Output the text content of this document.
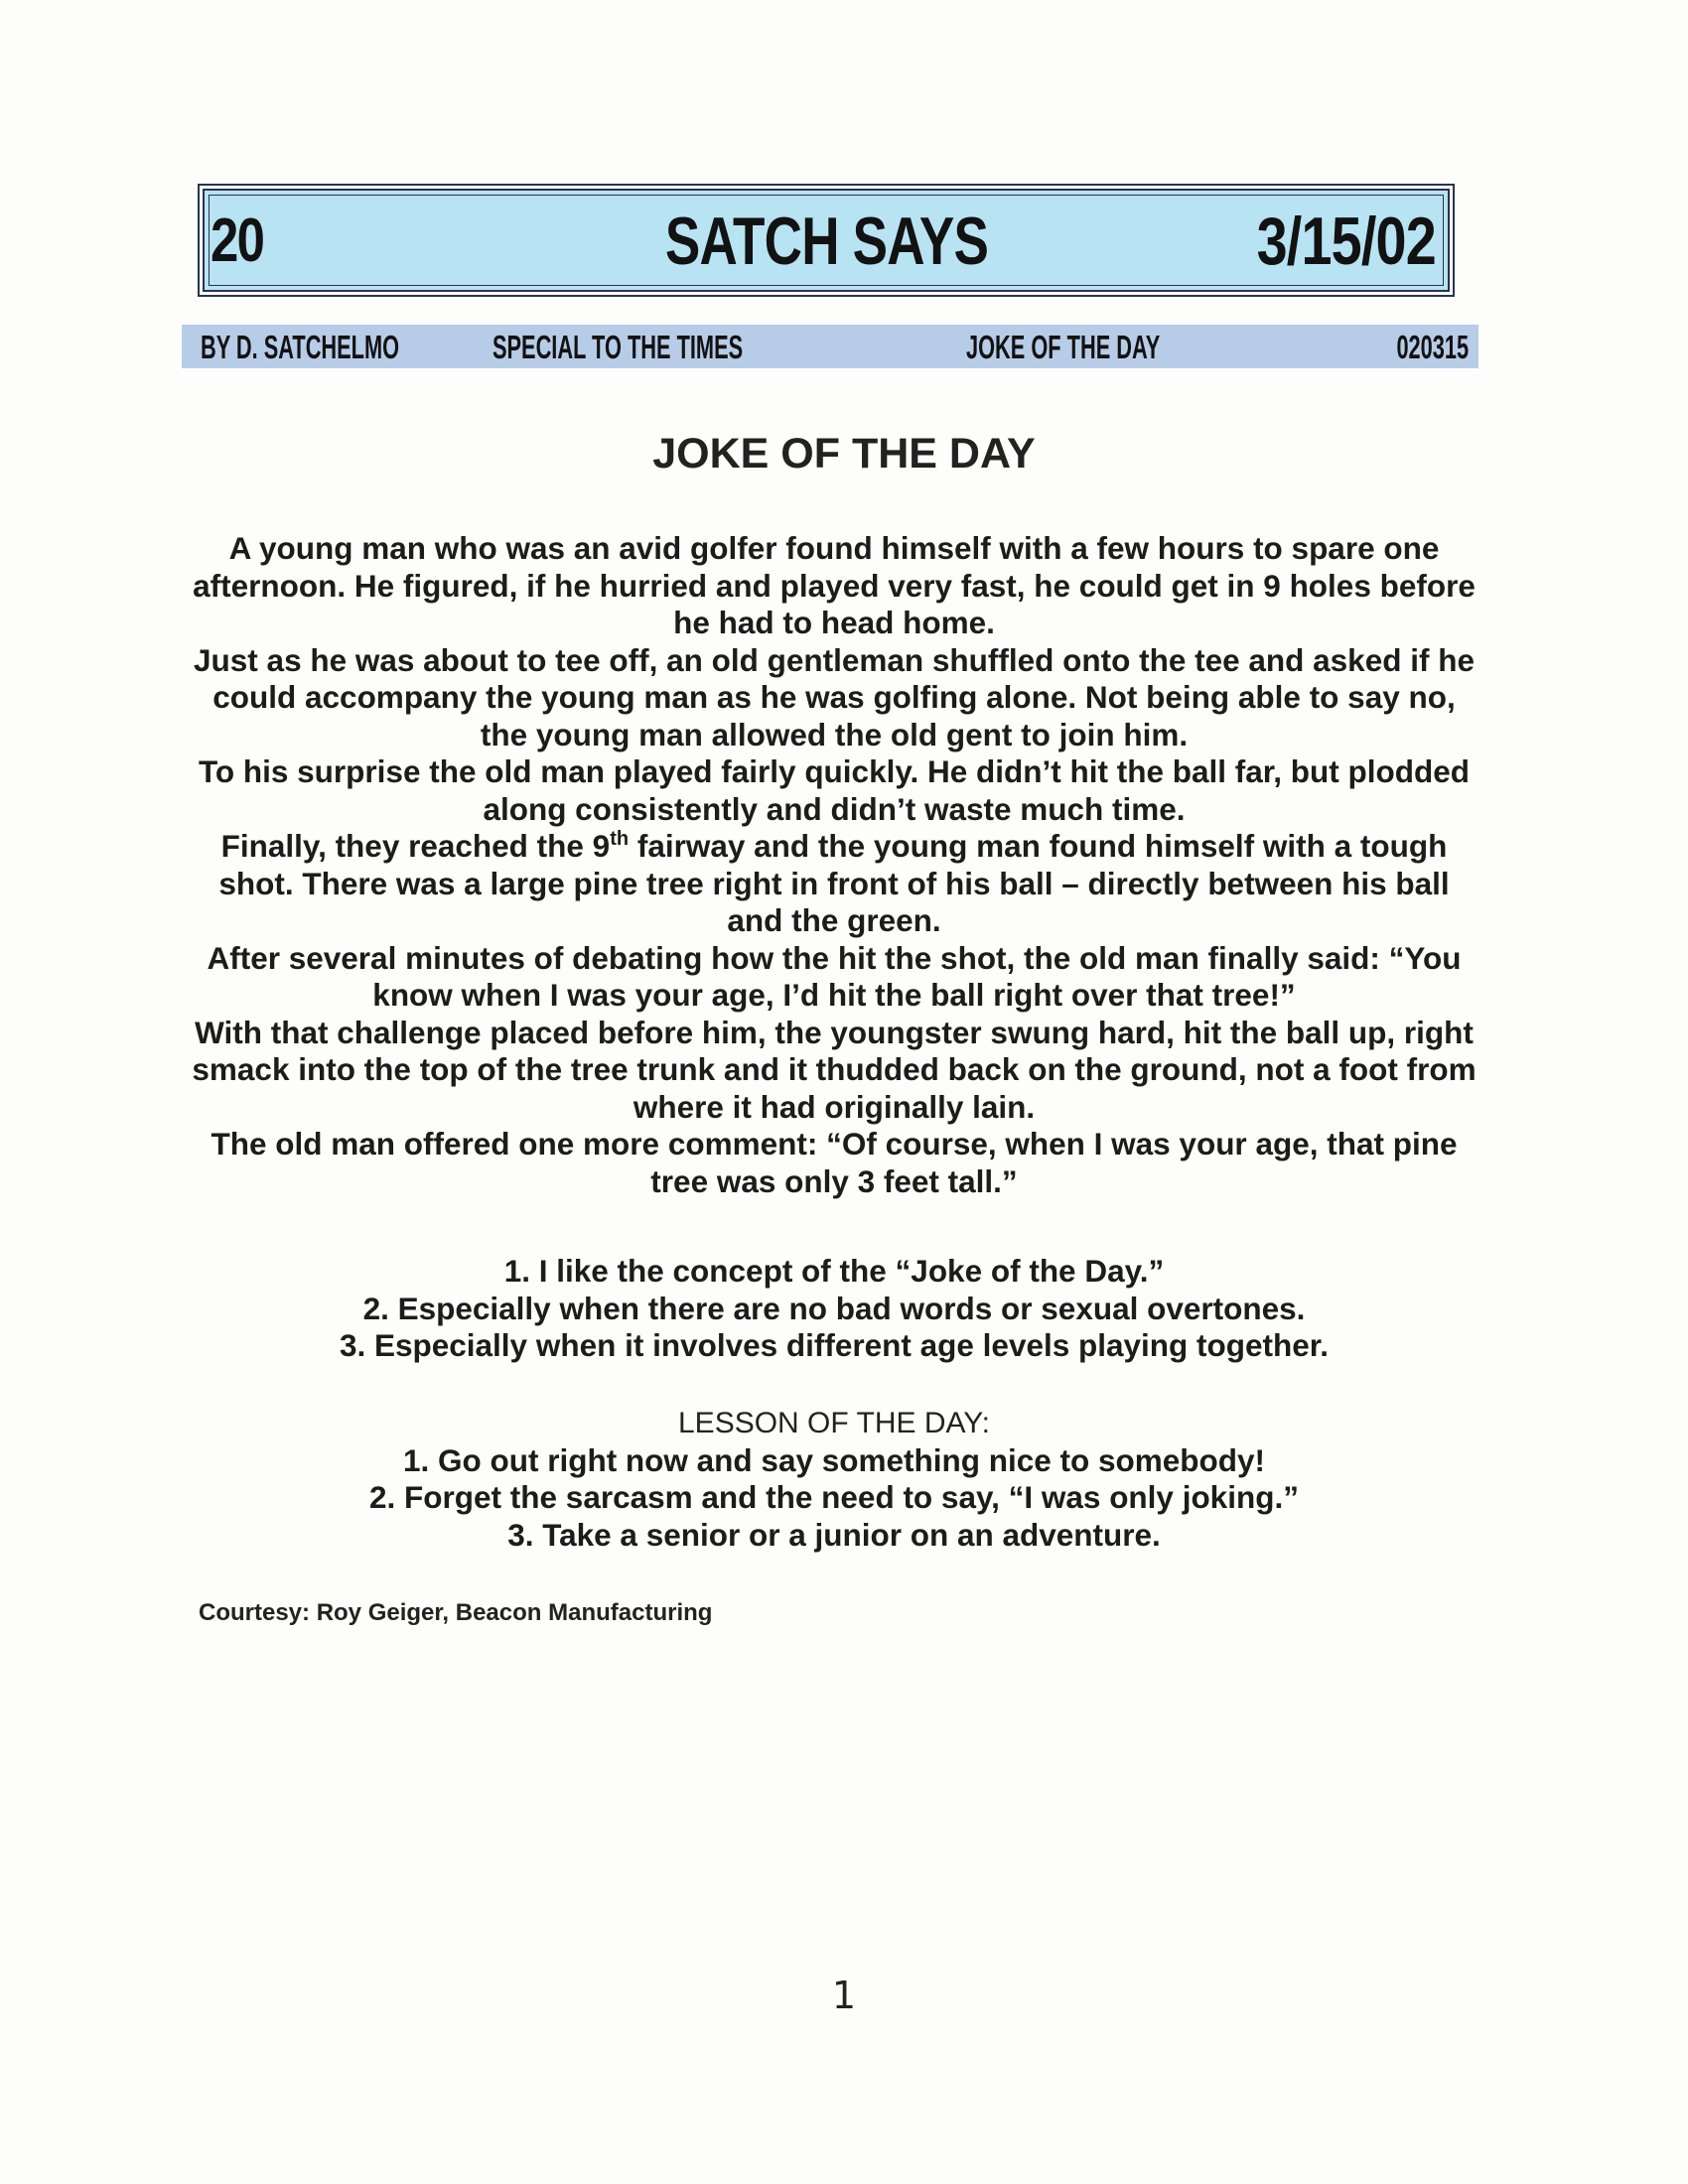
20	SATCH SAYS	3/15/02
BY D. SATCHELMO	SPECIAL TO THE TIMES	JOKE OF THE DAY	020315
JOKE OF THE DAY

A young man who was an avid golfer found himself with a few hours to spare one afternoon. He figured, if he hurried and played very fast, he could get in 9 holes before he had to head home.

Just as he was about to tee off, an old gentleman shuffled onto the tee and asked if he could accompany the young man as he was golfing alone. Not being able to say no, the young man allowed the old gent to join him.

To his surprise the old man played fairly quickly. He didn’t hit the ball far, but plodded along consistently and didn’t waste much time.

Finally, they reached the 9th fairway and the young man found himself with a tough shot. There was a large pine tree right in front of his ball – directly between his ball and the green.

After several minutes of debating how the hit the shot, the old man finally said: “You know when I was your age, I’d hit the ball right over that tree!”

With that challenge placed before him, the youngster swung hard, hit the ball up, right smack into the top of the tree trunk and it thudded back on the ground, not a foot from where it had originally lain.

The old man offered one more comment: “Of course, when I was your age, that pine tree was only 3 feet tall.”

1. I like the concept of the “Joke of the Day.”

2. Especially when there are no bad words or sexual overtones.

3. Especially when it involves different age levels playing together.

LESSON OF THE DAY:

1. Go out right now and say something nice to somebody!

2. Forget the sarcasm and the need to say, “I was only joking.”

3. Take a senior or a junior on an adventure.

Courtesy: Roy Geiger, Beacon Manufacturing
1
